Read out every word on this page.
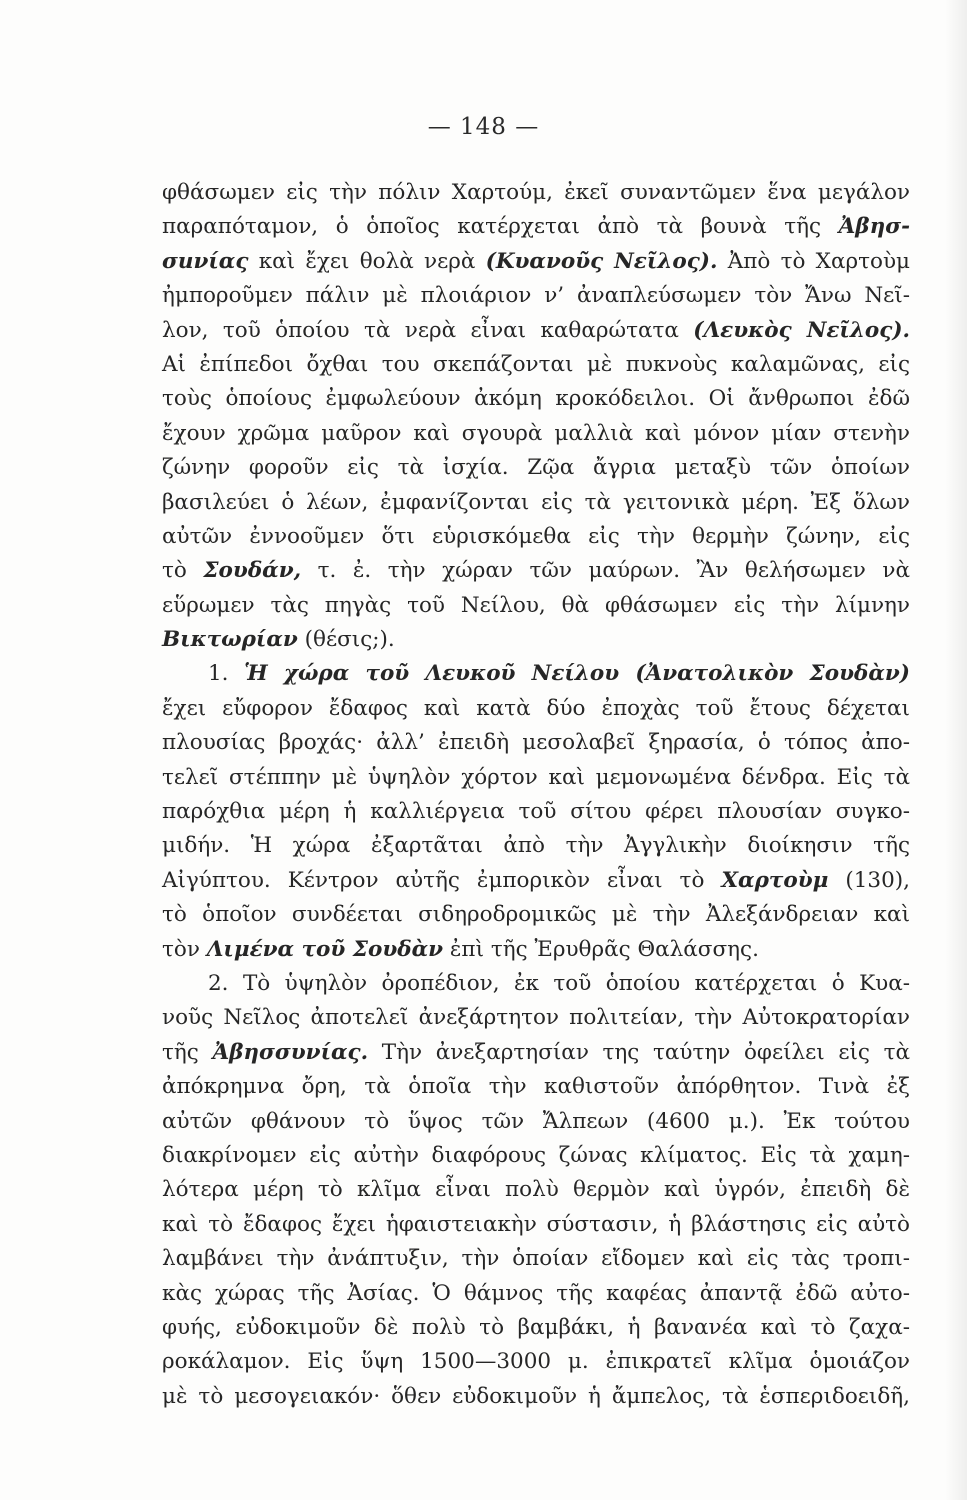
— 148 —
φθάσωμεν εἰς τὴν πόλιν Χαρτούμ, ἐκεῖ συναντῶμεν ἕνα μεγάλον
παραπόταμον, ὁ ὁποῖος κατέρχεται ἀπὸ τὰ βουνὰ τῆς Ἀβησ-
σuνίας καὶ ἔχει θολὰ νερὰ (Κυανοῦς Νεῖλος). Ἀπὸ τὸ Χαρτοὺμ
ἠμποροῦμεν πάλιν μὲ πλοιάριον ν’ ἀναπλεύσωμεν τὸν Ἄνω Νεῖ-
λον, τοῦ ὁποίου τὰ νερὰ εἶναι καθαρώτατα (Λευκὸς Νεῖλος).
Αἱ ἐπίπεδοι ὄχθαι του σκεπάζονται μὲ πυκνοὺς καλαμῶνας, εἰς
τοὺς ὁποίους ἐμφωλεύουν ἀκόμη κροκόδειλοι. Οἱ ἄνθρωποι ἐδῶ
ἔχουν χρῶμα μαῦρον καὶ σγουρὰ μαλλιὰ καὶ μόνον μίαν στενὴν
ζώνην φοροῦν εἰς τὰ ἰσχία. Ζῷα ἄγρια μεταξὺ τῶν ὁποίων
βασιλεύει ὁ λέων, ἐμφανίζονται εἰς τὰ γειτονικὰ μέρη. Ἐξ ὅλων
αὐτῶν ἐννοοῦμεν ὅτι εὑρισκόμεθα εἰς τὴν θερμὴν ζώνην, εἰς
τὸ Σουδάν, τ. ἐ. τὴν χώραν τῶν μαύρων. Ἂν θελήσωμεν νὰ
εὕρωμεν τὰς πηγὰς τοῦ Νείλου, θὰ φθάσωμεν εἰς τὴν λίμνην
Βικτωρίαν (θέσις;).
1. Ἡ χώρα τοῦ Λευκοῦ Νείλου (Ἀνατολικὸν Σουδὰν)
ἔχει εὔφορον ἔδαφος καὶ κατὰ δύο ἐποχὰς τοῦ ἔτους δέχεται
πλουσίας βροχάς· ἀλλ’ ἐπειδὴ μεσολαβεῖ ξηρασία, ὁ τόπος ἀπο-
τελεῖ στέππην μὲ ὑψηλὸν χόρτον καὶ μεμονωμένα δένδρα. Εἰς τὰ
παρόχθια μέρη ἡ καλλιέργεια τοῦ σίτου φέρει πλουσίαν συγκο-
μιδήν. Ἡ χώρα ἐξαρτᾶται ἀπὸ τὴν Ἀγγλικὴν διοίκησιν τῆς
Αἰγύπτου. Κέντρον αὐτῆς ἐμπορικὸν εἶναι τὸ Χαρτοὺμ (130),
τὸ ὁποῖον συνδέεται σιδηροδρομικῶς μὲ τὴν Ἀλεξάνδρειαν καὶ
τὸν Λιμένα τοῦ Σουδὰν ἐπὶ τῆς Ἐρυθρᾶς Θαλάσσης.
2. Τὸ ὑψηλὸν ὀροπέδιον, ἐκ τοῦ ὁποίου κατέρχεται ὁ Κυα-
νοῦς Νεῖλος ἀποτελεῖ ἀνεξάρτητον πολιτείαν, τὴν Αὐτοκρατορίαν
τῆς Ἀβησσυνίας. Τὴν ἀνεξαρτησίαν της ταύτην ὀφείλει εἰς τὰ
ἀπόκρημνα ὄρη, τὰ ὁποῖα τὴν καθιστοῦν ἀπόρθητον. Τινὰ ἐξ
αὐτῶν φθάνουν τὸ ὕψος τῶν Ἄλπεων (4600 μ.). Ἐκ τούτου
διακρίνομεν εἰς αὐτὴν διαφόρους ζώνας κλίματος. Εἰς τὰ χαμη-
λότερα μέρη τὸ κλῖμα εἶναι πολὺ θερμὸν καὶ ὑγρόν, ἐπειδὴ δὲ
καὶ τὸ ἔδαφος ἔχει ἡφαιστειακὴν σύστασιν, ἡ βλάστησις εἰς αὐτὸ
λαμβάνει τὴν ἀνάπτυξιν, τὴν ὁποίαν εἴδομεν καὶ εἰς τὰς τροπι-
κὰς χώρας τῆς Ἀσίας. Ὁ θάμνος τῆς καφέας ἀπαντᾷ ἐδῶ αὐτο-
φυής, εὐδοκιμοῦν δὲ πολὺ τὸ βαμβάκι, ἡ βανανέα καὶ τὸ ζαχα-
ροκάλαμον. Εἰς ὕψη 1500—3000 μ. ἐπικρατεῖ κλῖμα ὁμοιάζον
μὲ τὸ μεσογειακόν· ὅθεν εὐδοκιμοῦν ἡ ἄμπελος, τὰ ἑσπεριδοειδῆ,
